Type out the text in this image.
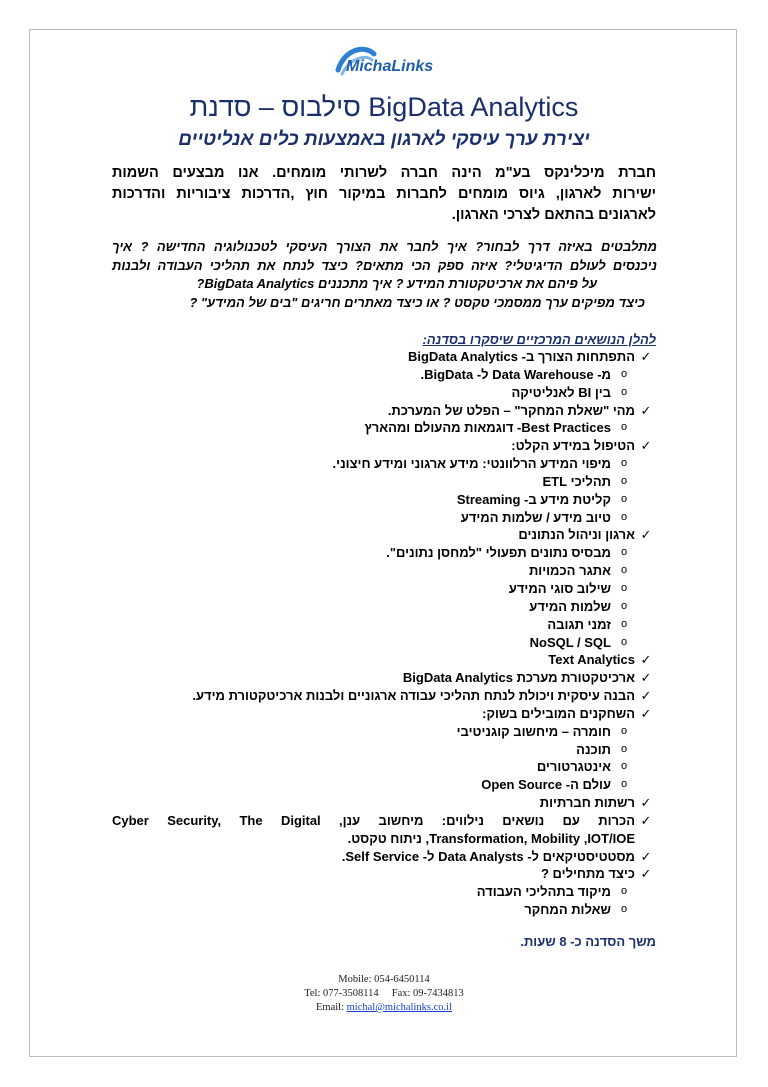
MichaLinks
סילבוס – סדנת BigData Analytics
יצירת ערך עיסקי לארגון באמצעות כלים אנליטיים
חברת מיכלינקס בע"מ הינה חברה לשרותי מומחים. אנו מבצעים השמות
ישירות לארגון, גיוס מומחים לחברות במיקור חוץ ,הדרכות ציבוריות והדרכות
לארגונים בהתאם לצרכי הארגון.
מתלבטים באיזה דרך לבחור? איך לחבר את הצורך העיסקי לטכנולוגיה החדישה ? איך
ניכנסים לעולם הדיגיטלי? איזה ספק הכי מתאים? כיצד לנתח את תהליכי העבודה ולבנות
על פיהם את ארכיטקטורת המידע ? איך מתכננים BigData Analytics?
כיצד מפיקים ערך ממסמכי טקסט ? או כיצד מאתרים חריגים "בים של המידע" ?
להלן הנושאים המרכזיים שיסקרו בסדנה:
✓
התפתחות הצורך ב- BigData Analytics
o
מ- Data Warehouse ל- BigData.
o
בין BI לאנליטיקה
✓
מהי "שאלת המחקר" – הפלט של המערכת.
o
Best Practices- דוגמאות מהעולם ומהארץ
✓
הטיפול במידע הקלט:
o
מיפוי המידע הרלוונטי: מידע ארגוני ומידע חיצוני.
o
תהליכי ETL
o
קליטת מידע ב- Streaming
o
טיוב מידע / שלמות המידע
✓
ארגון וניהול הנתונים
o
מבסיס נתונים תפעולי "למחסן נתונים".
o
אתגר הכמויות
o
שילוב סוגי המידע
o
שלמות המידע
o
זמני תגובה
o
NoSQL / SQL
✓
Text Analytics
✓
ארכיטקטורת מערכת BigData Analytics
✓
הבנה עיסקית ויכולת לנתח תהליכי עבודה ארגוניים ולבנות ארכיטקטורת מידע.
✓
השחקנים המובילים בשוק:
o
חומרה – מיחשוב קוגניטיבי
o
תוכנה
o
אינטגרטורים
o
עולם ה- Open Source
✓
רשתות חברתיות
✓
הכרות עם נושאים נילווים: מיחשוב ענן, Cyber Security, The Digital
Transformation, Mobility ,IOT/IOE, ניתוח טקסט.
✓
מסטטיסטיקאים ל- Data Analysts ל- Self Service.
✓
כיצד מתחילים ?
o
מיקוד בתהליכי העבודה
o
שאלות המחקר
משך הסדנה כ- 8 שעות.
Mobile: 054-6450114
Tel: 077-3508114     Fax: 09-7434813
Email: michal@michalinks.co.il
